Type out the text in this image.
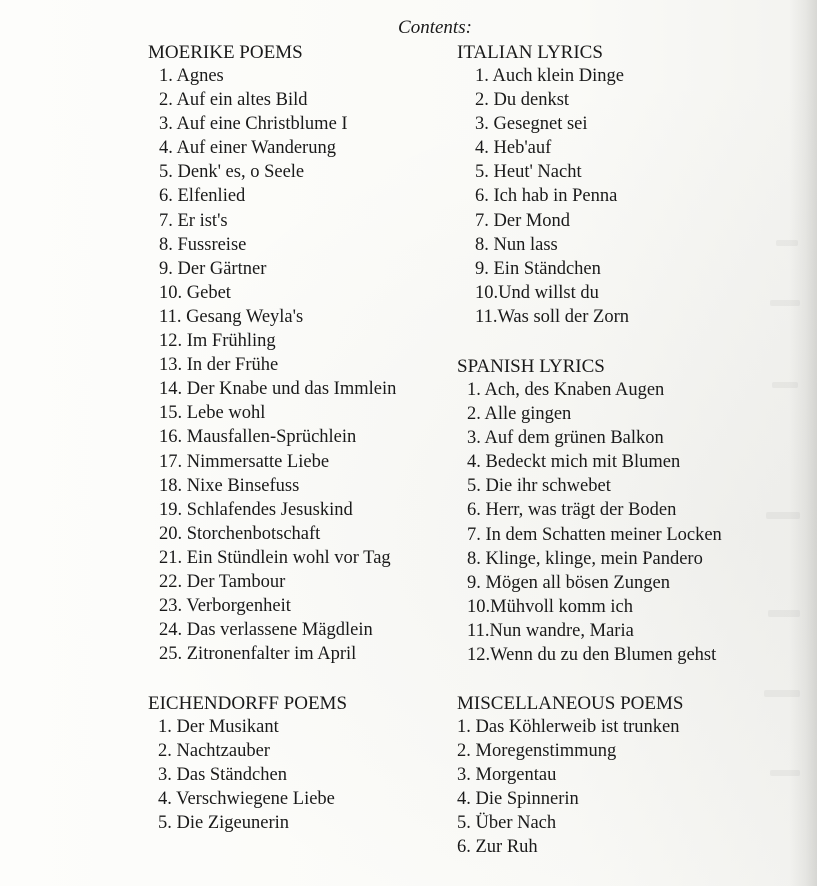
Contents:
MOERIKE POEMS
1. Agnes
2. Auf ein altes Bild
3. Auf eine Christblume I
4. Auf einer Wanderung
5. Denk' es, o Seele
6. Elfenlied
7. Er ist's
8. Fussreise
9. Der Gärtner
10. Gebet
11. Gesang Weyla's
12. Im Frühling
13. In der Frühe
14. Der Knabe und das Immlein
15. Lebe wohl
16. Mausfallen-Sprüchlein
17. Nimmersatte Liebe
18. Nixe Binsefuss
19. Schlafendes Jesuskind
20. Storchenbotschaft
21. Ein Stündlein wohl vor Tag
22. Der Tambour
23. Verborgenheit
24. Das verlassene Mägdlein
25. Zitronenfalter im April
ITALIAN LYRICS
1. Auch klein Dinge
2. Du denkst
3. Gesegnet sei
4. Heb'auf
5. Heut' Nacht
6. Ich hab in Penna
7. Der Mond
8. Nun lass
9. Ein Ständchen
10.Und willst du
11.Was soll der Zorn
SPANISH LYRICS
1. Ach, des Knaben Augen
2. Alle gingen
3. Auf dem grünen Balkon
4. Bedeckt mich mit Blumen
5. Die ihr schwebet
6. Herr, was trägt der Boden
7. In dem Schatten meiner Locken
8. Klinge, klinge, mein Pandero
9. Mögen all bösen Zungen
10.Mühvoll komm ich
11.Nun wandre, Maria
12.Wenn du zu den Blumen gehst
EICHENDORFF POEMS
1. Der Musikant
2. Nachtzauber
3. Das Ständchen
4. Verschwiegene Liebe
5. Die Zigeunerin
MISCELLANEOUS POEMS
1. Das Köhlerweib ist trunken
2. Moregenstimmung
3. Morgentau
4. Die Spinnerin
5. Über Nach
6. Zur Ruh
